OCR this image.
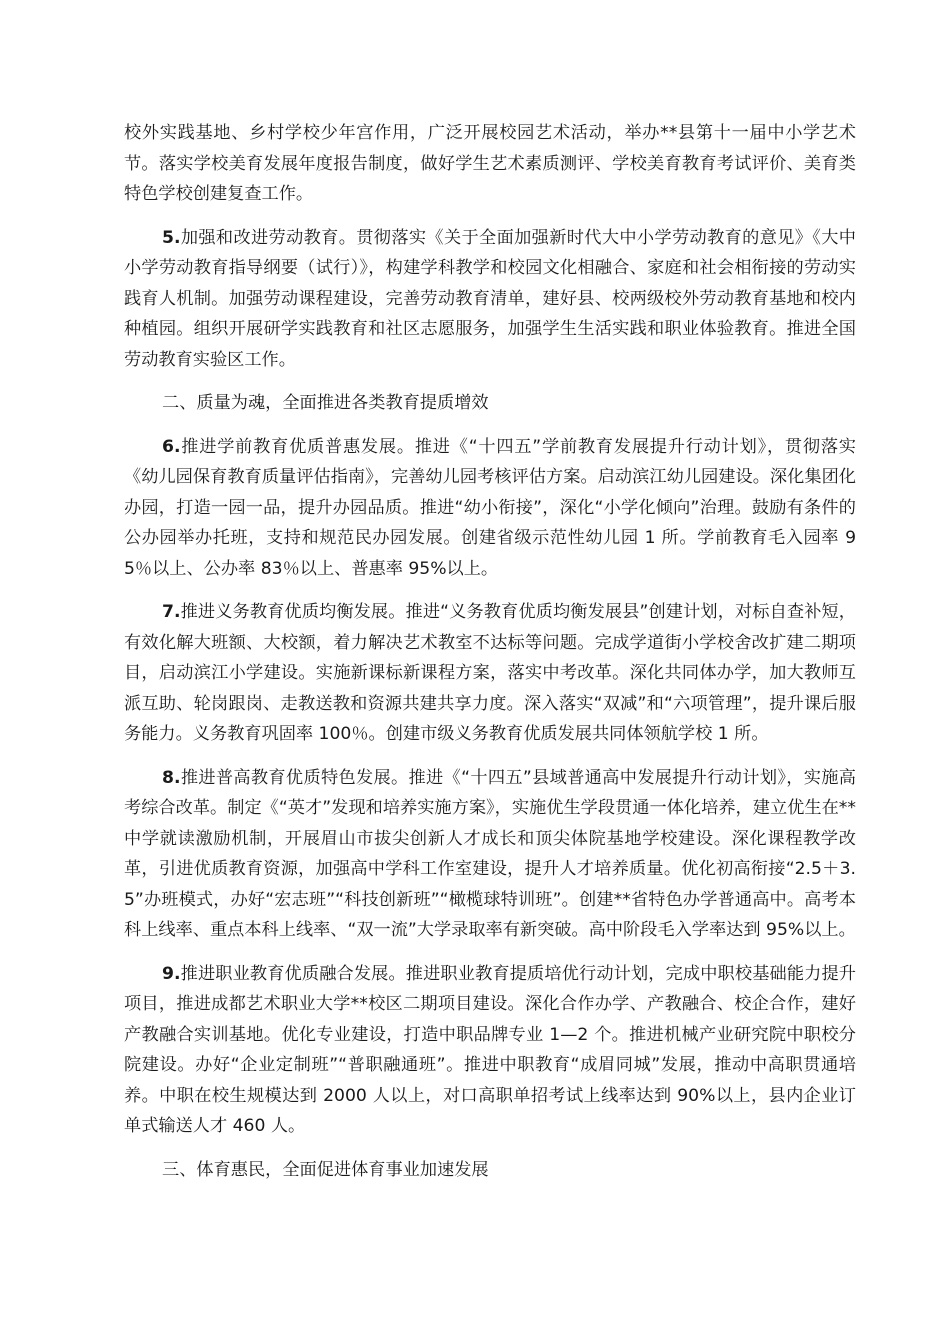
校外实践基地、乡村学校少年宫作用，广泛开展校园艺术活动，举办**县第十一届中小学艺术节。落实学校美育发展年度报告制度，做好学生艺术素质测评、学校美育教育考试评价、美育类特色学校创建复查工作。

5.加强和改进劳动教育。贯彻落实《关于全面加强新时代大中小学劳动教育的意见》《大中小学劳动教育指导纲要（试行）》，构建学科教学和校园文化相融合、家庭和社会相衔接的劳动实践育人机制。加强劳动课程建设，完善劳动教育清单，建好县、校两级校外劳动教育基地和校内种植园。组织开展研学实践教育和社区志愿服务，加强学生生活实践和职业体验教育。推进全国劳动教育实验区工作。

二、质量为魂，全面推进各类教育提质增效

6.推进学前教育优质普惠发展。推进《“十四五”学前教育发展提升行动计划》，贯彻落实《幼儿园保育教育质量评估指南》，完善幼儿园考核评估方案。启动滨江幼儿园建设。深化集团化办园，打造一园一品，提升办园品质。推进“幼小衔接”，深化“小学化倾向”治理。鼓励有条件的公办园举办托班，支持和规范民办园发展。创建省级示范性幼儿园 1 所。学前教育毛入园率 95％以上、公办率 83％以上、普惠率 95%以上。

7.推进义务教育优质均衡发展。推进“义务教育优质均衡发展县”创建计划，对标自查补短，有效化解大班额、大校额，着力解决艺术教室不达标等问题。完成学道街小学校舍改扩建二期项目，启动滨江小学建设。实施新课标新课程方案，落实中考改革。深化共同体办学，加大教师互派互助、轮岗跟岗、走教送教和资源共建共享力度。深入落实“双减”和“六项管理”，提升课后服务能力。义务教育巩固率 100％。创建市级义务教育优质发展共同体领航学校 1 所。

8.推进普高教育优质特色发展。推进《“十四五”县域普通高中发展提升行动计划》，实施高考综合改革。制定《“英才”发现和培养实施方案》，实施优生学段贯通一体化培养，建立优生在**中学就读激励机制，开展眉山市拔尖创新人才成长和顶尖体院基地学校建设。深化课程教学改革，引进优质教育资源，加强高中学科工作室建设，提升人才培养质量。优化初高衔接“2.5＋3.5”办班模式，办好“宏志班”“科技创新班”“橄榄球特训班”。创建**省特色办学普通高中。高考本科上线率、重点本科上线率、“双一流”大学录取率有新突破。高中阶段毛入学率达到 95%以上。

9.推进职业教育优质融合发展。推进职业教育提质培优行动计划，完成中职校基础能力提升项目，推进成都艺术职业大学**校区二期项目建设。深化合作办学、产教融合、校企合作，建好产教融合实训基地。优化专业建设，打造中职品牌专业 1—2 个。推进机械产业研究院中职校分院建设。办好“企业定制班”“普职融通班”。推进中职教育“成眉同城”发展，推动中高职贯通培养。中职在校生规模达到 2000 人以上，对口高职单招考试上线率达到 90%以上，县内企业订单式输送人才 460 人。

三、体育惠民，全面促进体育事业加速发展
